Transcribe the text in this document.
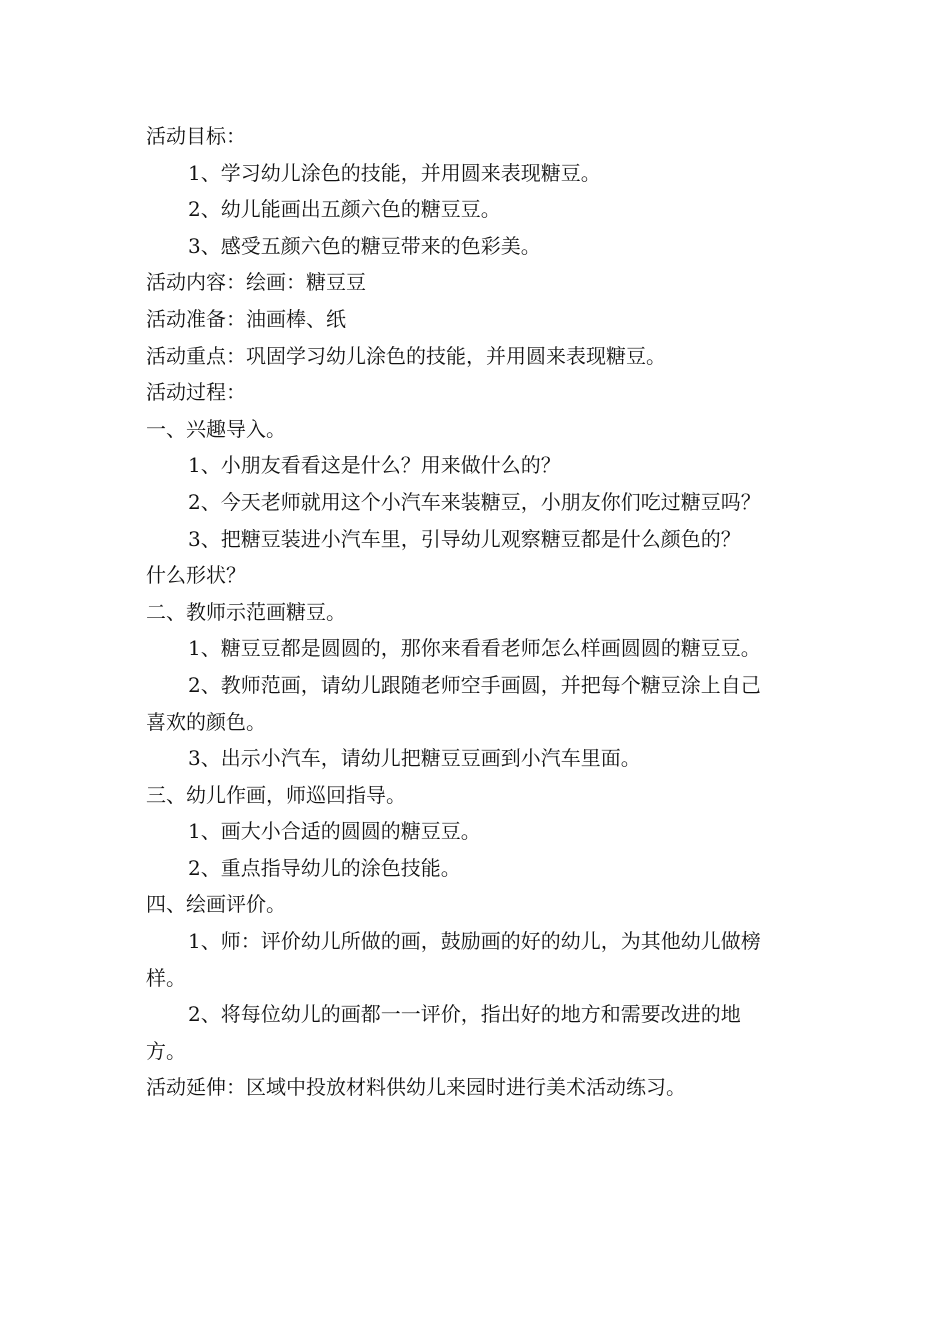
活动目标：

1、学习幼儿涂色的技能，并用圆来表现糖豆。

2、幼儿能画出五颜六色的糖豆豆。

3、感受五颜六色的糖豆带来的色彩美。

活动内容：绘画：糖豆豆

活动准备：油画棒、纸

活动重点：巩固学习幼儿涂色的技能，并用圆来表现糖豆。

活动过程：

一、兴趣导入。

1、小朋友看看这是什么？用来做什么的？

2、今天老师就用这个小汽车来装糖豆，小朋友你们吃过糖豆吗？

3、把糖豆装进小汽车里，引导幼儿观察糖豆都是什么颜色的？

什么形状？

二、教师示范画糖豆。

1、糖豆豆都是圆圆的，那你来看看老师怎么样画圆圆的糖豆豆。

2、教师范画，请幼儿跟随老师空手画圆，并把每个糖豆涂上自己

喜欢的颜色。

3、出示小汽车，请幼儿把糖豆豆画到小汽车里面。

三、幼儿作画，师巡回指导。

1、画大小合适的圆圆的糖豆豆。

2、重点指导幼儿的涂色技能。

四、绘画评价。

1、师：评价幼儿所做的画，鼓励画的好的幼儿，为其他幼儿做榜

样。

2、将每位幼儿的画都一一评价，指出好的地方和需要改进的地

方。

活动延伸：区域中投放材料供幼儿来园时进行美术活动练习。
